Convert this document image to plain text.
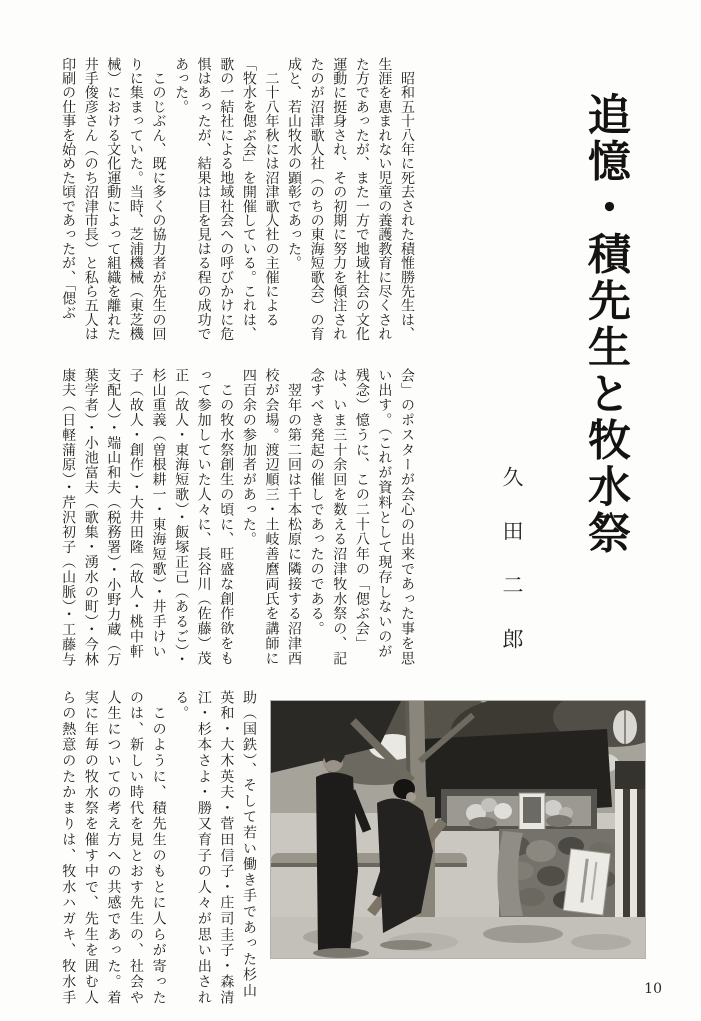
追憶・積先生と牧水祭
久田二郎
　昭和五十八年に死去された積惟勝先生は、
生涯を恵まれない児童の養護教育に尽くされ
た方であったが、また一方で地域社会の文化
運動に挺身され、その初期に努力を傾注され
たのが沼津歌人社（のちの東海短歌会）の育
成と、若山牧水の顕彰であった。
　二十八年秋には沼津歌人社の主催による
「牧水を偲ぶ会」を開催している。これは、
歌の一結社による地域社会への呼びかけに危
惧はあったが、結果は目を見はる程の成功で
あった。
　このじぶん、既に多くの協力者が先生の回
りに集まっていた。当時、芝浦機械（東芝機
械）における文化運動によって組織を離れた
井手俊彦さん（のち沼津市長）と私ら五人は
印刷の仕事を始めた頃であったが、「偲ぶ
会」のポスターが会心の出来であった事を思
い出す。（これが資料として現存しないのが
残念）憶うに、この二十八年の「偲ぶ会」
は、いま三十余回を数える沼津牧水祭の、記
念すべき発起の催しであったのである。
　翌年の第二回は千本松原に隣接する沼津西
校が会場。渡辺順三・土岐善麿両氏を講師に
四百余の参加者があった。
　この牧水祭創生の頃に、旺盛な創作欲をも
って参加していた人々に、長谷川（佐藤）茂
正（故人・東海短歌）・飯塚正己（あるご）・
杉山重義（曽根耕一・東海短歌）・井手けい
子（故人・創作）・大井田隆（故人・桃中軒
支配人）・端山和夫（税務署）・小野力蔵（万
葉学者）・小池富夫（歌集・湧水の町）・今林
康夫（日軽蒲原）・芹沢初子（山脈）・工藤与
助（国鉄）、そして若い働き手であった杉山
英和・大木英夫・菅田信子・庄司圭子・森清
江・杉本さよ・勝又育子の人々が思い出され
る。
　このように、積先生のもとに人らが寄った
のは、新しい時代を見とおす先生の、社会や
人生についての考え方への共感であった。着
実に年毎の牧水祭を催す中で、先生を囲む人
らの熱意のたかまりは、牧水ハガキ、牧水手	10
